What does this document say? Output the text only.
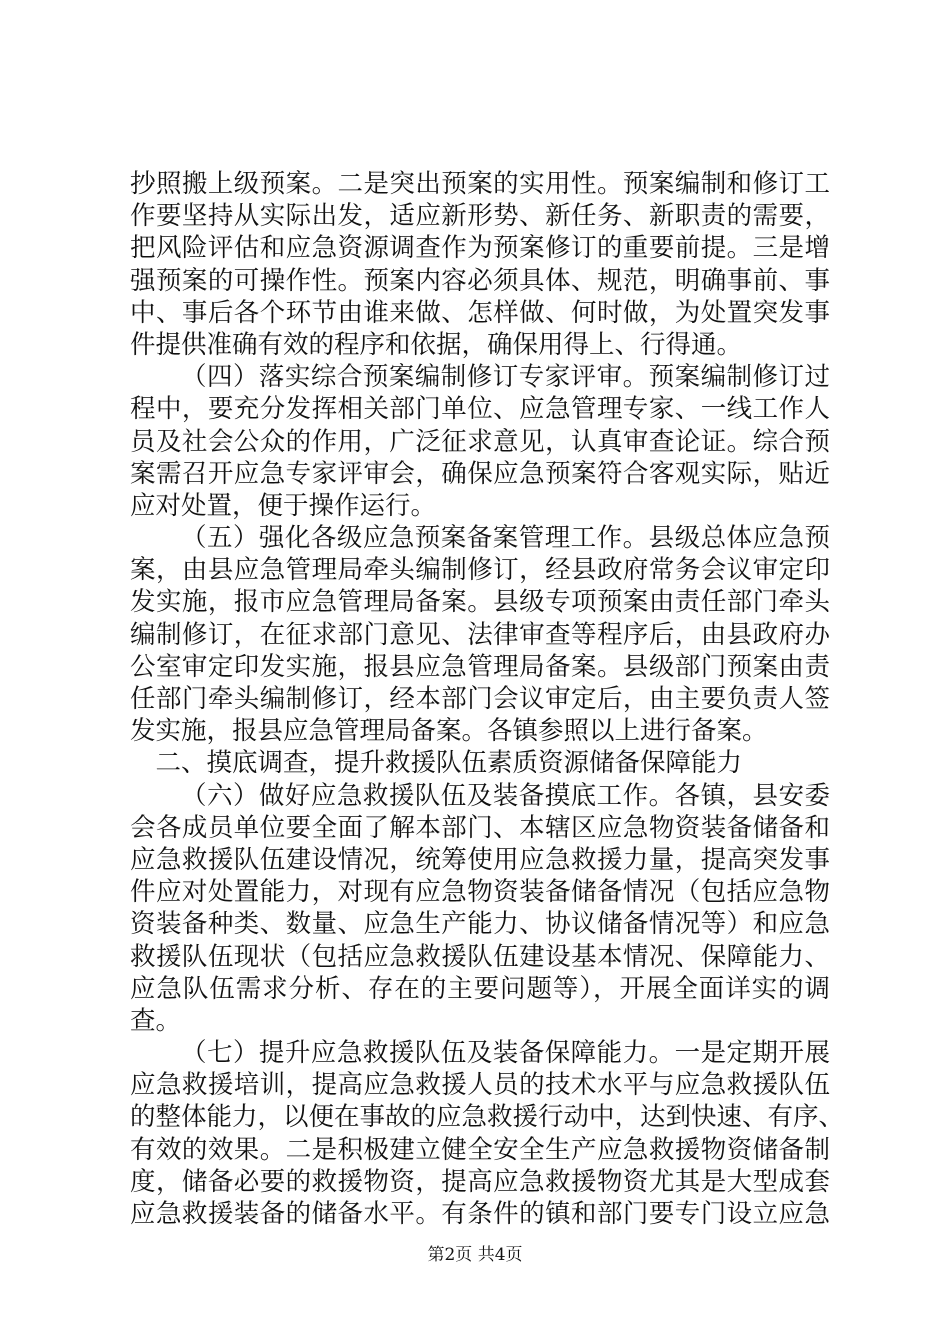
抄照搬上级预案。二是突出预案的实用性。预案编制和修订工
作要坚持从实际出发，适应新形势、新任务、新职责的需要，
把风险评估和应急资源调查作为预案修订的重要前提。三是增
强预案的可操作性。预案内容必须具体、规范，明确事前、事
中、事后各个环节由谁来做、怎样做、何时做，为处置突发事
件提供准确有效的程序和依据，确保用得上、行得通。
（四）落实综合预案编制修订专家评审。预案编制修订过
程中，要充分发挥相关部门单位、应急管理专家、一线工作人
员及社会公众的作用，广泛征求意见，认真审查论证。综合预
案需召开应急专家评审会，确保应急预案符合客观实际，贴近
应对处置，便于操作运行。
（五）强化各级应急预案备案管理工作。县级总体应急预
案，由县应急管理局牵头编制修订，经县政府常务会议审定印
发实施，报市应急管理局备案。县级专项预案由责任部门牵头
编制修订，在征求部门意见、法律审查等程序后，由县政府办
公室审定印发实施，报县应急管理局备案。县级部门预案由责
任部门牵头编制修订，经本部门会议审定后，由主要负责人签
发实施，报县应急管理局备案。各镇参照以上进行备案。
二、摸底调查，提升救援队伍素质资源储备保障能力
（六）做好应急救援队伍及装备摸底工作。各镇，县安委
会各成员单位要全面了解本部门、本辖区应急物资装备储备和
应急救援队伍建设情况，统筹使用应急救援力量，提高突发事
件应对处置能力，对现有应急物资装备储备情况（包括应急物
资装备种类、数量、应急生产能力、协议储备情况等）和应急
救援队伍现状（包括应急救援队伍建设基本情况、保障能力、
应急队伍需求分析、存在的主要问题等），开展全面详实的调
查。
（七）提升应急救援队伍及装备保障能力。一是定期开展
应急救援培训，提高应急救援人员的技术水平与应急救援队伍
的整体能力，以便在事故的应急救援行动中，达到快速、有序、
有效的效果。二是积极建立健全安全生产应急救援物资储备制
度，储备必要的救援物资，提高应急救援物资尤其是大型成套
应急救援装备的储备水平。有条件的镇和部门要专门设立应急
第2页 共4页
